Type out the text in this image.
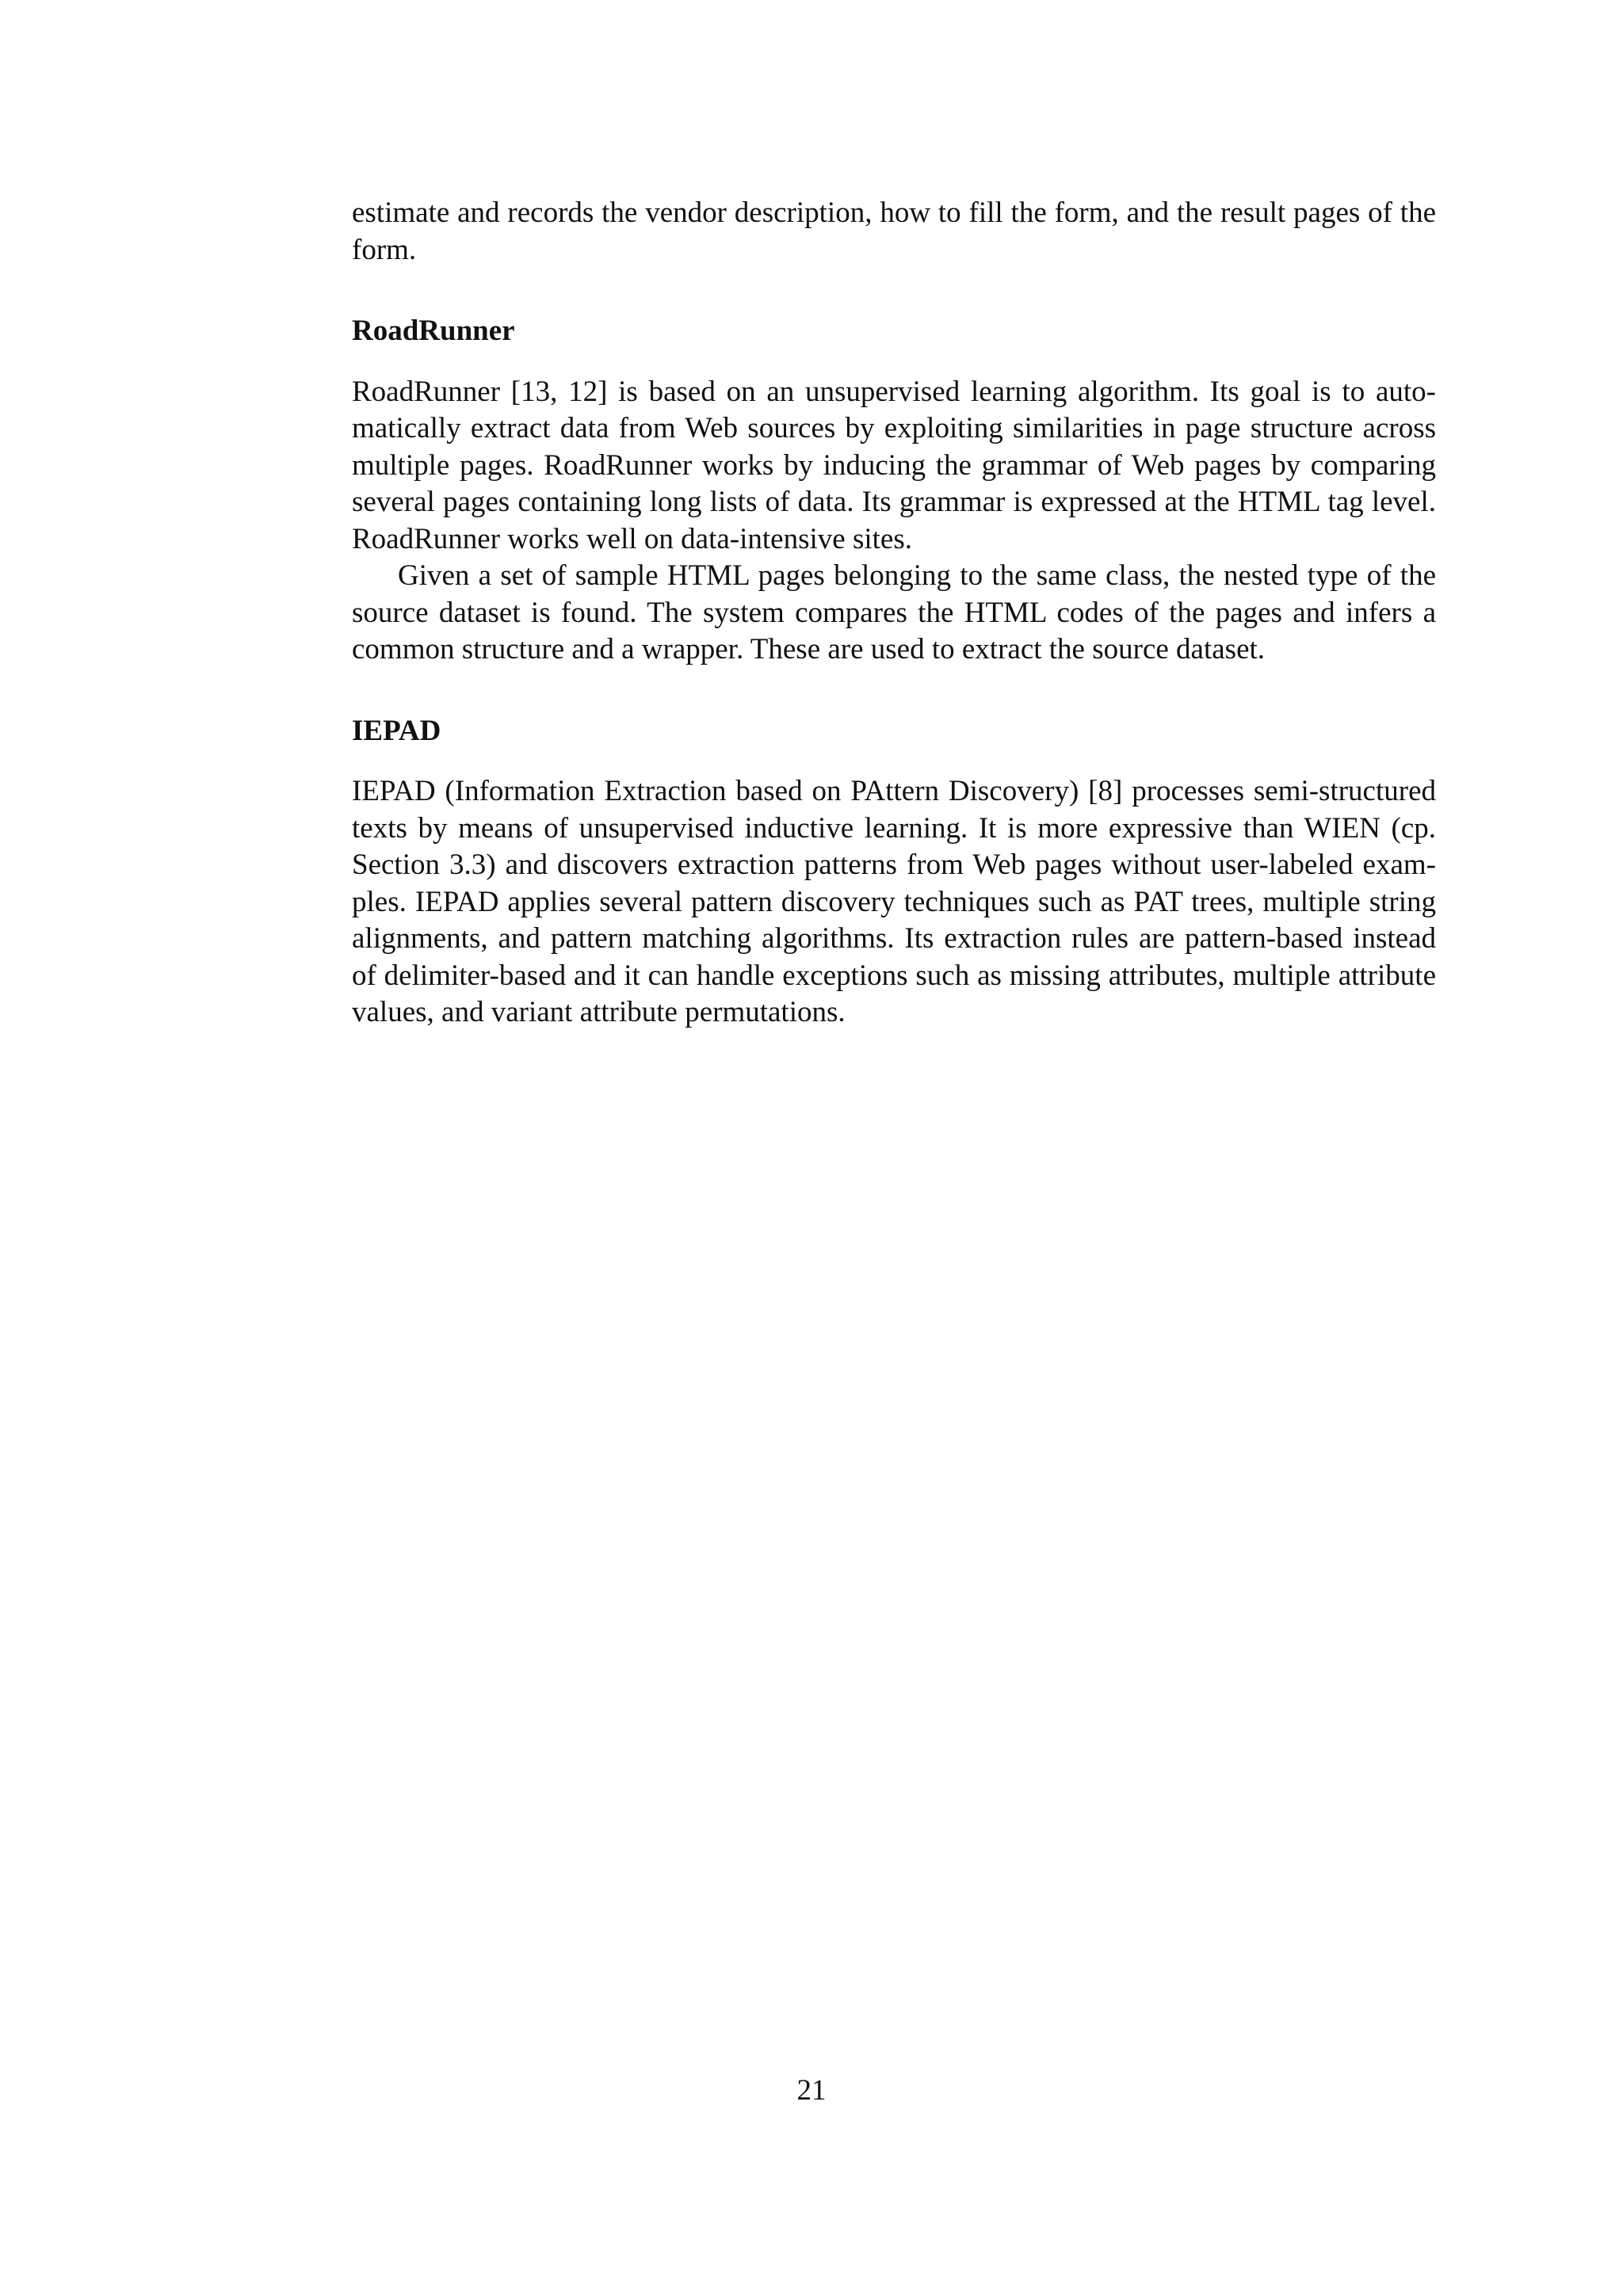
estimate and records the vendor description, how to fill the form, and the result pages of the form.

RoadRunner

RoadRunner [13, 12] is based on an unsupervised learning algorithm. Its goal is to automatically extract data from Web sources by exploiting similarities in page structure across multiple pages. RoadRunner works by inducing the grammar of Web pages by comparing several pages containing long lists of data. Its grammar is expressed at the HTML tag level. RoadRunner works well on data-intensive sites.

Given a set of sample HTML pages belonging to the same class, the nested type of the source dataset is found. The system compares the HTML codes of the pages and infers a common structure and a wrapper. These are used to extract the source dataset.

IEPAD

IEPAD (Information Extraction based on PAttern Discovery) [8] processes semi-structured texts by means of unsupervised inductive learning. It is more expressive than WIEN (cp. Section 3.3) and discovers extraction patterns from Web pages without user-labeled examples. IEPAD applies several pattern discovery techniques such as PAT trees, multiple string alignments, and pattern matching algorithms. Its extraction rules are pattern-based instead of delimiter-based and it can handle exceptions such as missing attributes, multiple attribute values, and variant attribute permutations.

21
